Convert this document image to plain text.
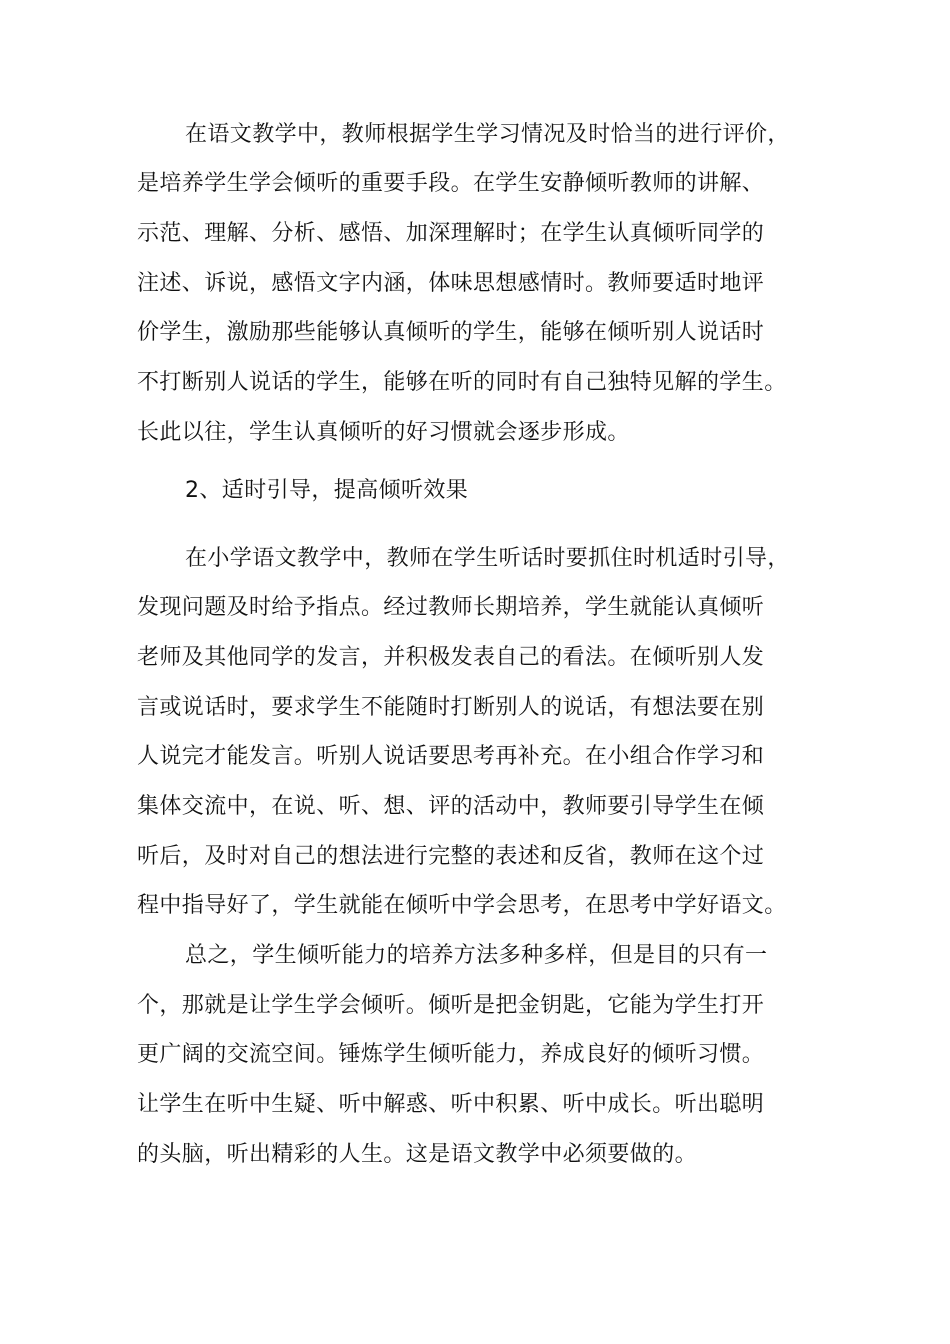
在语文教学中，教师根据学生学习情况及时恰当的进行评价，
是培养学生学会倾听的重要手段。在学生安静倾听教师的讲解、
示范、理解、分析、感悟、加深理解时；在学生认真倾听同学的
注述、诉说，感悟文字内涵，体味思想感情时。教师要适时地评
价学生，激励那些能够认真倾听的学生，能够在倾听别人说话时
不打断别人说话的学生，能够在听的同时有自己独特见解的学生。
长此以往，学生认真倾听的好习惯就会逐步形成。
2、适时引导，提高倾听效果
在小学语文教学中，教师在学生听话时要抓住时机适时引导，
发现问题及时给予指点。经过教师长期培养，学生就能认真倾听
老师及其他同学的发言，并积极发表自己的看法。在倾听别人发
言或说话时，要求学生不能随时打断别人的说话，有想法要在别
人说完才能发言。听别人说话要思考再补充。在小组合作学习和
集体交流中，在说、听、想、评的活动中，教师要引导学生在倾
听后，及时对自己的想法进行完整的表述和反省，教师在这个过
程中指导好了，学生就能在倾听中学会思考，在思考中学好语文。
总之，学生倾听能力的培养方法多种多样，但是目的只有一
个，那就是让学生学会倾听。倾听是把金钥匙，它能为学生打开
更广阔的交流空间。锤炼学生倾听能力，养成良好的倾听习惯。
让学生在听中生疑、听中解惑、听中积累、听中成长。听出聪明
的头脑，听出精彩的人生。这是语文教学中必须要做的。
